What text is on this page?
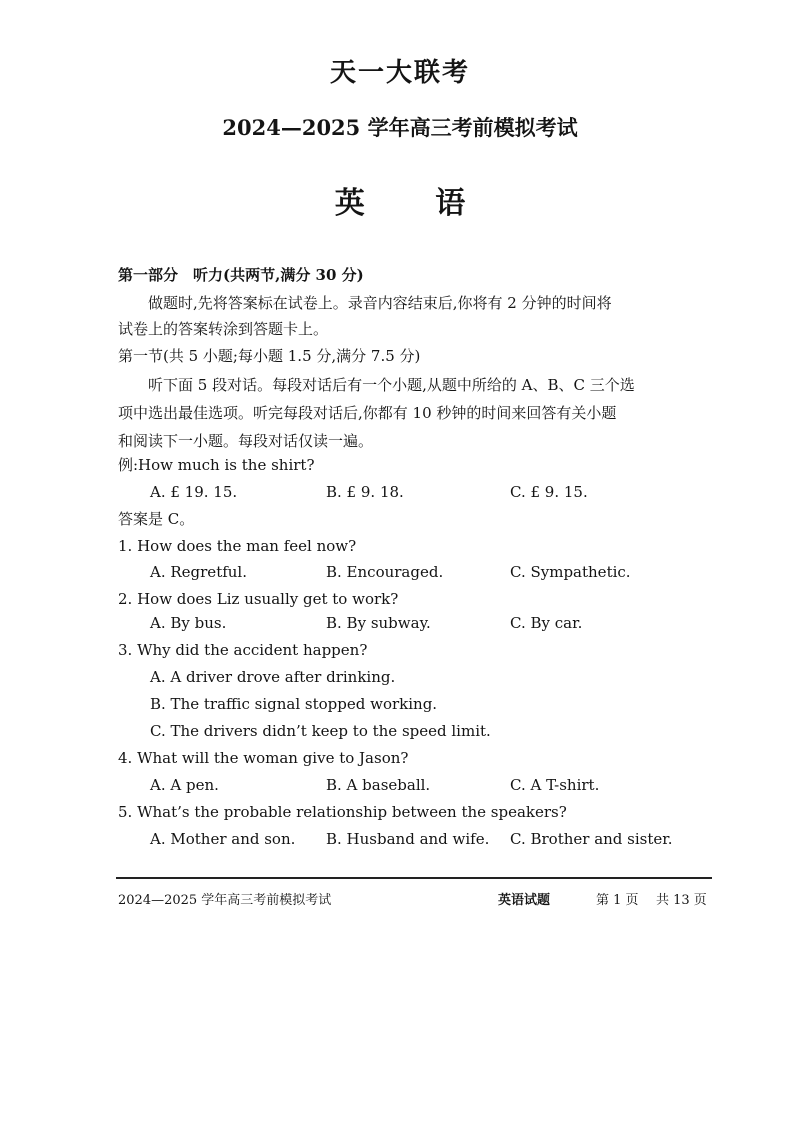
天一大联考
2024—2025 学年高三考前模拟考试
英 语
第一部分　听力(共两节,满分 30 分)
做题时,先将答案标在试卷上。录音内容结束后,你将有 2 分钟的时间将
试卷上的答案转涂到答题卡上。
第一节(共 5 小题;每小题 1.5 分,满分 7.5 分)
听下面 5 段对话。每段对话后有一个小题,从题中所给的 A、B、C 三个选
项中选出最佳选项。听完每段对话后,你都有 10 秒钟的时间来回答有关小题
和阅读下一小题。每段对话仅读一遍。
例:How much is the shirt?
A. £ 19. 15.	B. £ 9. 18.	C. £ 9. 15.
答案是 C。
1. How does the man feel now?
A. Regretful.	B. Encouraged.	C. Sympathetic.
2. How does Liz usually get to work?
A. By bus.	B. By subway.	C. By car.
3. Why did the accident happen?
A. A driver drove after drinking.
B. The traffic signal stopped working.
C. The drivers didn’t keep to the speed limit.
4. What will the woman give to Jason?
A. A pen.	B. A baseball.	C. A T-shirt.
5. What’s the probable relationship between the speakers?
A. Mother and son. B. Husband and wife. C. Brother and sister.
2024—2025 学年高三考前模拟考试	英语试题	第 1 页 共 13 页
